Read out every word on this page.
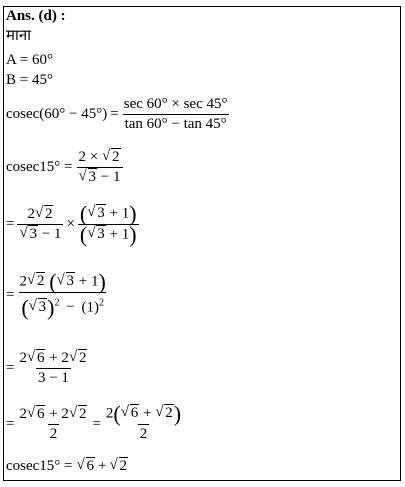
Ans. (d) :
माना
A = 60°
B = 45°
$cosec(60^\circ - 45^\circ) = \frac{\sec 60^\circ \times \sec 45^\circ}{\tan 60^\circ - \tan 45^\circ}$
$cosec15^\circ = \frac{2 \times √ 2}{√ 3 - 1}$
= $\frac{2 √ 2}{√ 3 - 1} \times \frac{( √ 3 + 1)}{( √ 3 + 1)}$
= $\frac{2 √ 2 ( √ 3 + 1)}{( √ 3)^2 - (1)^2}$
= $\frac{2 √ 6 + 2 √ 2}{3 - 1}$
= $\frac{2 √ 6 + 2 √ 2}{2} = \frac{2( √ 6 + √ 2)}{2}$
cosec15° = √ 6 + √ 2
